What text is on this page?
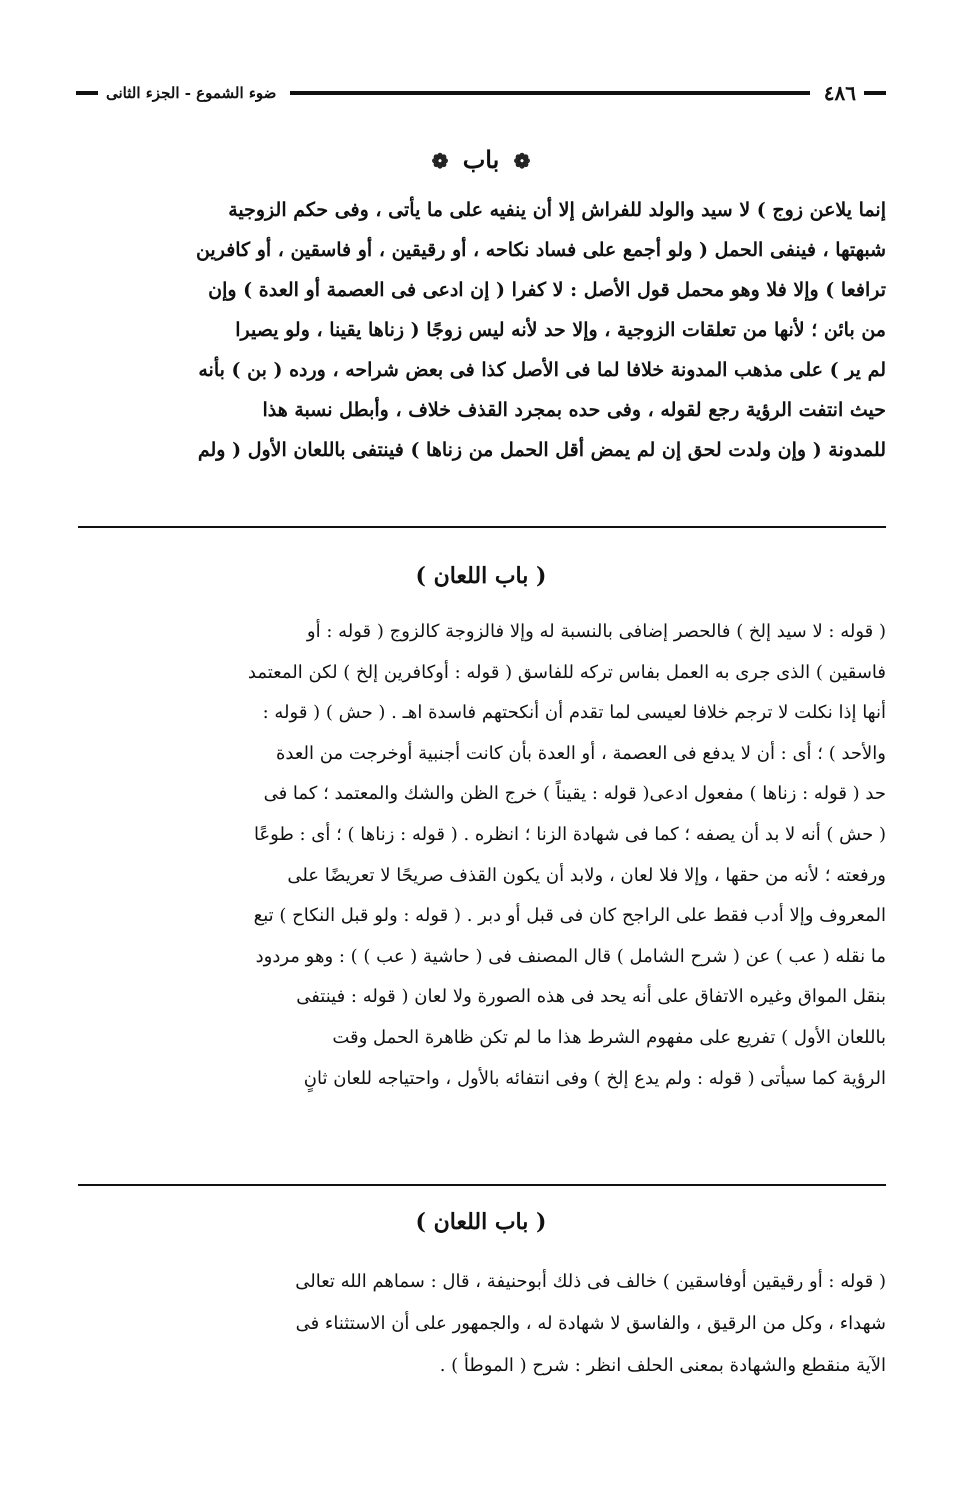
٤٨٦
ضوء الشموع - الجزء الثانى
❁ باب ❁

إنما يلاعن زوج ) لا سيد والولد للفراش إلا أن ينفيه على ما يأتى ، وفى حكم الزوجية

شبهتها ، فينفى الحمل ( ولو أجمع على فساد نكاحه ، أو رقيقين ، أو فاسقين ، أو كافرين

ترافعا ) وإلا فلا وهو محمل قول الأصل : لا كفرا ( إن ادعى فى العصمة أو العدة ) وإن

من بائن ؛ لأنها من تعلقات الزوجية ، وإلا حد لأنه ليس زوجًا ( زناها يقينا ، ولو يصيرا

لم ير ) على مذهب المدونة خلافا لما فى الأصل كذا فى بعض شراحه ، ورده ( بن ) بأنه

حيث انتفت الرؤية رجع لقوله ، وفى حده بمجرد القذف خلاف ، وأبطل نسبة هذا

للمدونة ( وإن ولدت لحق إن لم يمض أقل الحمل من زناها ) فينتفى باللعان الأول ( ولم

( باب اللعان )

( قوله : لا سيد إلخ ) فالحصر إضافى بالنسبة له وإلا فالزوجة كالزوج ( قوله : أو

فاسقين ) الذى جرى به العمل بفاس تركه للفاسق ( قوله : أوكافرين إلخ ) لكن المعتمد

أنها إذا نكلت لا ترجم خلافا لعيسى لما تقدم أن أنكحتهم فاسدة اهـ . ( حش ) ( قوله :

والأحد ) ؛ أى : أن لا يدفع فى العصمة ، أو العدة بأن كانت أجنبية أوخرجت من العدة

حد ( قوله : زناها ) مفعول ادعى( قوله : يقيناً ) خرج الظن والشك والمعتمد ؛ كما فى

( حش ) أنه لا بد أن يصفه ؛ كما فى شهادة الزنا ؛ انظره . ( قوله : زناها ) ؛ أى : طوعًا

ورفعته ؛ لأنه من حقها ، وإلا فلا لعان ، ولابد أن يكون القذف صريحًا لا تعريضًا على

المعروف وإلا أدب فقط على الراجح كان فى قبل أو دبر . ( قوله : ولو قبل النكاح ) تبع

ما نقله ( عب ) عن ( شرح الشامل ) قال المصنف فى ( حاشية ( عب ) ) : وهو مردود

بنقل المواق وغيره الاتفاق على أنه يحد فى هذه الصورة ولا لعان ( قوله : فينتفى

باللعان الأول ) تفريع على مفهوم الشرط هذا ما لم تكن ظاهرة الحمل وقت

الرؤية كما سيأتى ( قوله : ولم يدع إلخ ) وفى انتفائه بالأول ، واحتياجه للعان ثانٍ

( باب اللعان )

( قوله : أو رقيقين أوفاسقين ) خالف فى ذلك أبوحنيفة ، قال : سماهم الله تعالى

شهداء ، وكل من الرقيق ، والفاسق لا شهادة له ، والجمهور على أن الاستثناء فى

الآية منقطع والشهادة بمعنى الحلف انظر : شرح ( الموطأ ) .
